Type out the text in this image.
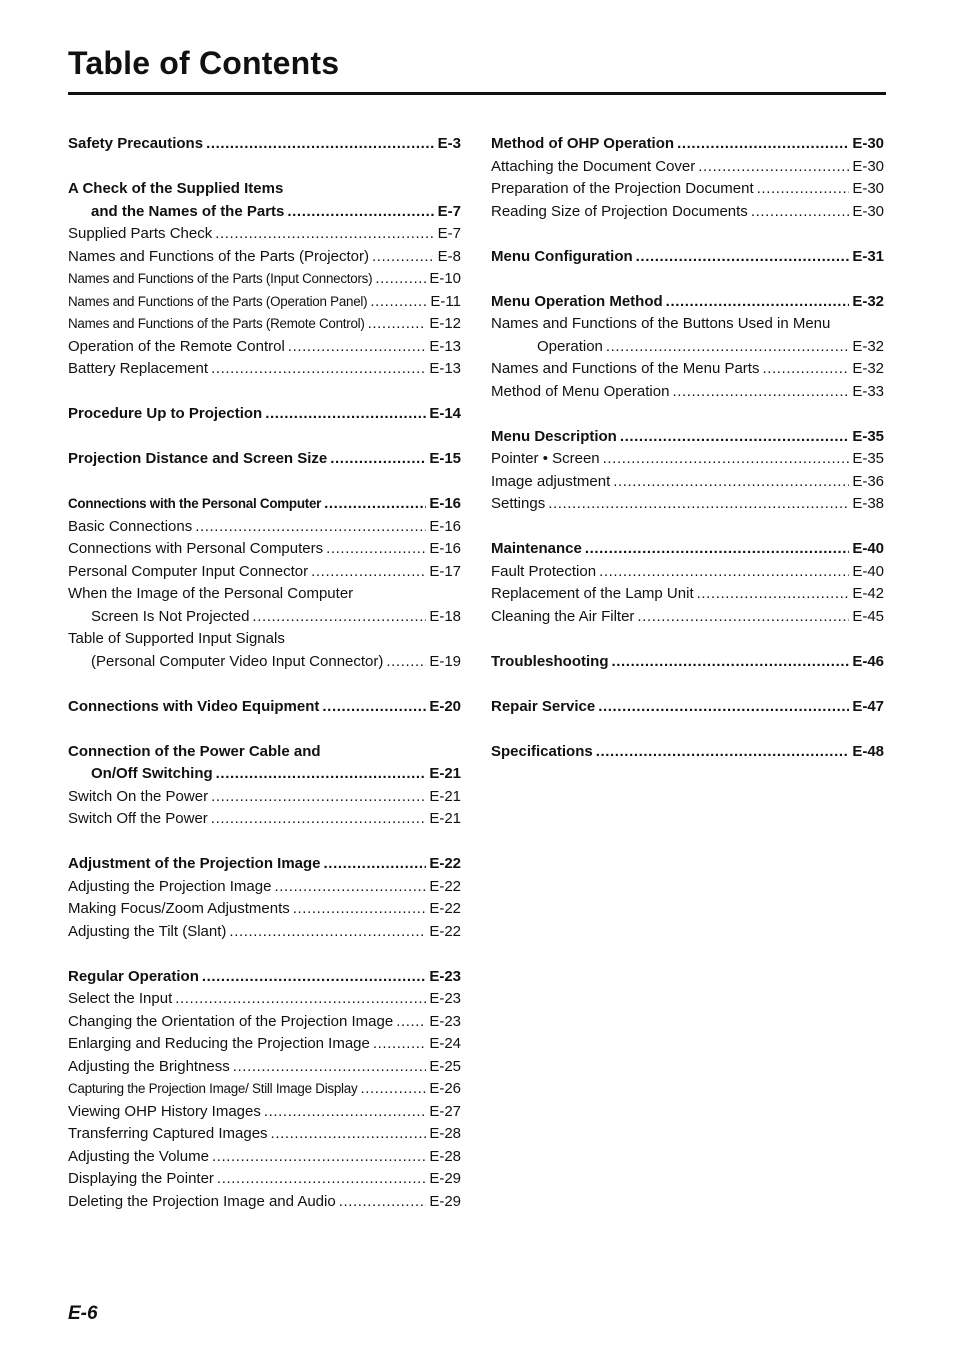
Table of Contents
Safety Precautions .....	E-3
A Check of the Supplied Items
and the Names of the Parts .....	E-7
Supplied Parts Check .....	E-7
Names and Functions of the Parts (Projector) .....	E-8
Names and Functions of the Parts (Input Connectors) .....	E-10
Names and Functions of the Parts (Operation Panel) .....	E-11
Names and Functions of the Parts (Remote Control) .....	E-12
Operation of the Remote Control .....	E-13
Battery Replacement .....	E-13
Procedure Up to Projection .....	E-14
Projection Distance and Screen Size .....	E-15
Connections with the Personal Computer .....	E-16
Basic Connections .....	E-16
Connections with Personal Computers .....	E-16
Personal Computer Input Connector .....	E-17
When the Image of the Personal Computer
Screen Is Not Projected .....	E-18
Table of Supported Input Signals
(Personal Computer Video Input Connector) .....	E-19
Connections with Video Equipment .....	E-20
Connection of the Power Cable and
On/Off Switching .....	E-21
Switch On the Power .....	E-21
Switch Off the Power .....	E-21
Adjustment of the Projection Image .....	E-22
Adjusting the Projection Image .....	E-22
Making Focus/Zoom Adjustments .....	E-22
Adjusting the Tilt (Slant) .....	E-22
Regular Operation .....	E-23
Select the Input .....	E-23
Changing the Orientation of the Projection Image ..... E-23
Enlarging and Reducing the Projection Image .....	E-24
Adjusting the Brightness .....	E-25
Capturing the Projection Image/ Still Image Display .....	E-26
Viewing OHP History Images .....	E-27
Transferring Captured Images .....	E-28
Adjusting the Volume .....	E-28
Displaying the Pointer .....	E-29
Deleting the Projection Image and Audio .....	E-29
Method of OHP Operation .....	E-30
Attaching the Document Cover .....	E-30
Preparation of the Projection Document .....	E-30
Reading Size of Projection Documents .....	E-30
Menu Configuration .....	E-31
Menu Operation Method .....	E-32
Names and Functions of the Buttons Used in Menu
Operation .....	E-32
Names and Functions of the Menu Parts .....	E-32
Method of Menu Operation .....	E-33
Menu Description .....	E-35
Pointer • Screen .....	E-35
Image adjustment .....	E-36
Settings .....	E-38
Maintenance .....	E-40
Fault Protection .....	E-40
Replacement of the Lamp Unit .....	E-42
Cleaning the Air Filter .....	E-45
Troubleshooting .....	E-46
Repair Service .....	E-47
Specifications .....	E-48
E-6
